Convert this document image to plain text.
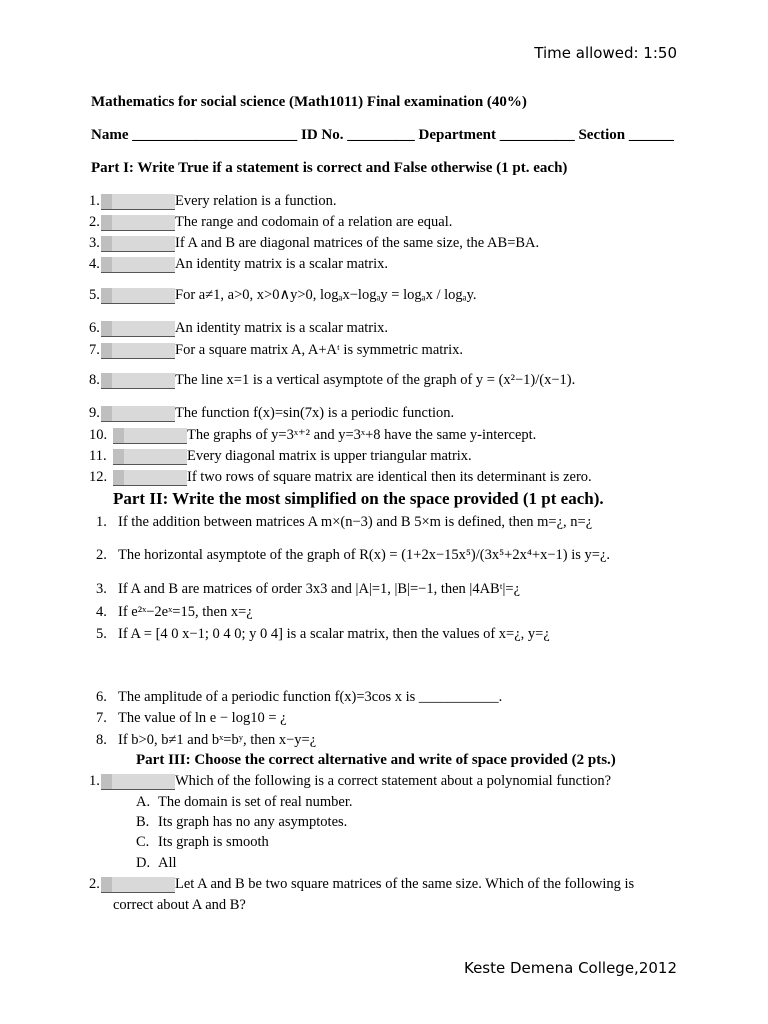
Time allowed: 1:50
Mathematics for social science (Math1011) Final examination (40%)
Name ______________________ ID No. _________ Department __________ Section ______
Part I: Write True if a statement is correct and False otherwise (1 pt. each)
1.	Every relation is a function.
2.	The range and codomain of a relation are equal.
3.	If A and B are diagonal matrices of the same size, the AB=BA.
4.	An identity matrix is a scalar matrix.
5.	For a≠1, a>0, x>0∧y>0, logₐx−logₐy = logₐx / logₐy.
6.	An identity matrix is a scalar matrix.
7.	For a square matrix A, A+Aᵗ is symmetric matrix.
8.	The line x=1 is a vertical asymptote of the graph of y = (x²−1)/(x−1).
9.	The function f(x)=sin(7x) is a periodic function.
10.	The graphs of y=3ˣ⁺² and y=3ˣ+8 have the same y-intercept.
11.	Every diagonal matrix is upper triangular matrix.
12.	If two rows of square matrix are identical then its determinant is zero.
Part II: Write the most simplified on the space provided (1 pt each).
1. If the addition between matrices A m×(n−3) and B 5×m is defined, then m=¿, n=¿
2. The horizontal asymptote of the graph of R(x) = (1+2x−15x⁵)/(3x⁵+2x⁴+x−1) is y=¿.
3. If A and B are matrices of order 3x3 and |A|=1, |B|=−1, then |4ABᵗ|=¿
4. If e²ˣ−2eˣ=15, then x=¿
5. If A = [4 0 x−1; 0 4 0; y 0 4] is a scalar matrix, then the values of x=¿, y=¿
6. The amplitude of a periodic function f(x)=3cos x is ___________.
7. The value of ln e − log10 = ¿
8. If b>0, b≠1 and bˣ=bʸ, then x−y=¿
Part III: Choose the correct alternative and write of space provided (2 pts.)
1.	Which of the following is a correct statement about a polynomial function?
A. The domain is set of real number.
B. Its graph has no any asymptotes.
C. Its graph is smooth
D. All
2.	Let A and B be two square matrices of the same size. Which of the following is
correct about A and B?
Keste Demena College,2012
